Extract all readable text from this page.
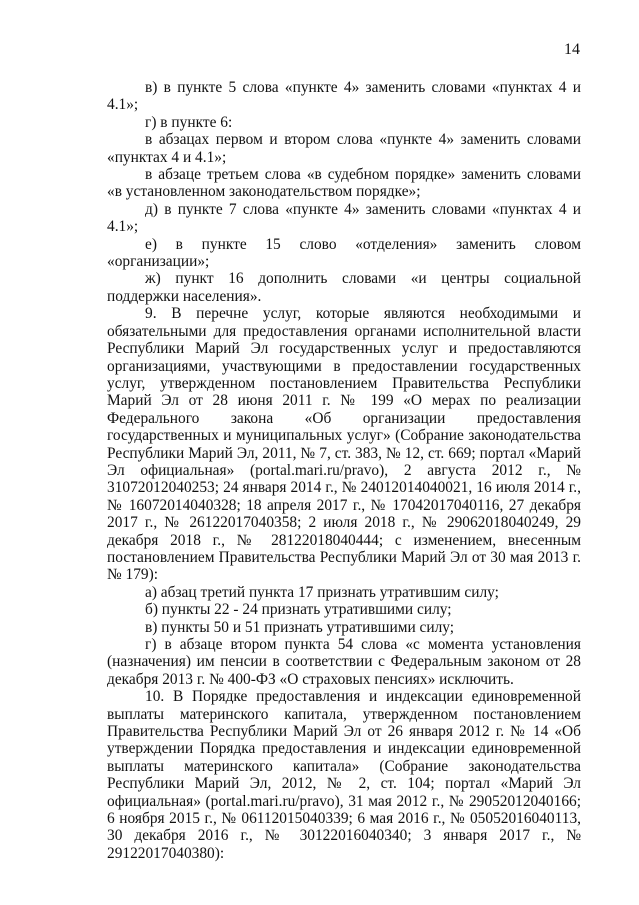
14

в) в пункте 5 слова «пункте 4» заменить словами «пунктах 4 и 4.1»;

г) в пункте 6:

в абзацах первом и втором слова «пункте 4» заменить словами «пунктах 4 и 4.1»;

в абзаце третьем слова «в судебном порядке» заменить словами «в установленном законодательством порядке»;

д) в пункте 7 слова «пункте 4» заменить словами «пунктах 4 и 4.1»;

е) в пункте 15 слово «отделения» заменить словом «организации»;

ж) пункт 16 дополнить словами «и центры социальной поддержки населения».

9. В перечне услуг, которые являются необходимыми и обязательными для предоставления органами исполнительной власти Республики Марий Эл государственных услуг и предоставляются организациями, участвующими в предоставлении государственных услуг, утвержденном постановлением Правительства Республики Марий Эл от 28 июня 2011 г. № 199 «О мерах по реализации Федерального закона «Об организации предоставления государственных и муниципальных услуг» (Собрание законодательства Республики Марий Эл, 2011, № 7, ст. 383, № 12, ст. 669; портал «Марий Эл официальная» (portal.mari.ru/pravo), 2 августа 2012 г., № 31072012040253; 24 января 2014 г., № 24012014040021, 16 июля 2014 г., № 16072014040328; 18 апреля 2017 г., № 17042017040116, 27 декабря 2017 г., № 26122017040358; 2 июля 2018 г., № 29062018040249, 29 декабря 2018 г., № 28122018040444; с изменением, внесенным постановлением Правительства Республики Марий Эл от 30 мая 2013 г. № 179):

а) абзац третий пункта 17 признать утратившим силу;

б) пункты 22 - 24 признать утратившими силу;

в) пункты 50 и 51 признать утратившими силу;

г) в абзаце втором пункта 54 слова «с момента установления (назначения) им пенсии в соответствии с Федеральным законом от 28 декабря 2013 г. № 400-ФЗ «О страховых пенсиях» исключить.

10. В Порядке предоставления и индексации единовременной выплаты материнского капитала, утвержденном постановлением Правительства Республики Марий Эл от 26 января 2012 г. № 14 «Об утверждении Порядка предоставления и индексации единовременной выплаты материнского капитала» (Собрание законодательства Республики Марий Эл, 2012, № 2, ст. 104; портал «Марий Эл официальная» (portal.mari.ru/pravo), 31 мая 2012 г., № 29052012040166; 6 ноября 2015 г., № 06112015040339; 6 мая 2016 г., № 05052016040113, 30 декабря 2016 г., № 30122016040340; 3 января 2017 г., № 29122017040380):
